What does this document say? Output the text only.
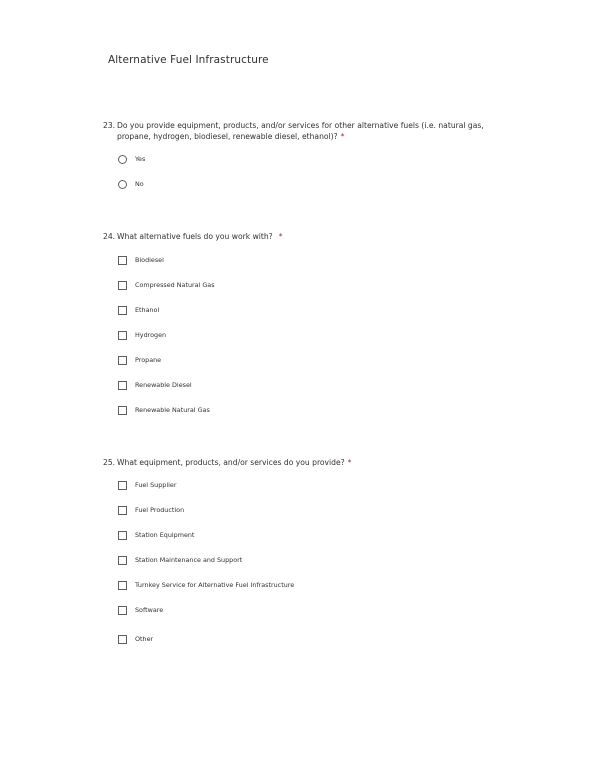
Alternative Fuel Infrastructure
23. Do you provide equipment, products, and/or services for other alternative fuels (i.e. natural gas, propane, hydrogen, biodiesel, renewable diesel, ethanol)? *
Yes
No
24. What alternative fuels do you work with? *
Biodiesel
Compressed Natural Gas
Ethanol
Hydrogen
Propane
Renewable Diesel
Renewable Natural Gas
25. What equipment, products, and/or services do you provide? *
Fuel Supplier
Fuel Production
Station Equipment
Station Maintenance and Support
Turnkey Service for Alternative Fuel Infrastructure
Software
Other
